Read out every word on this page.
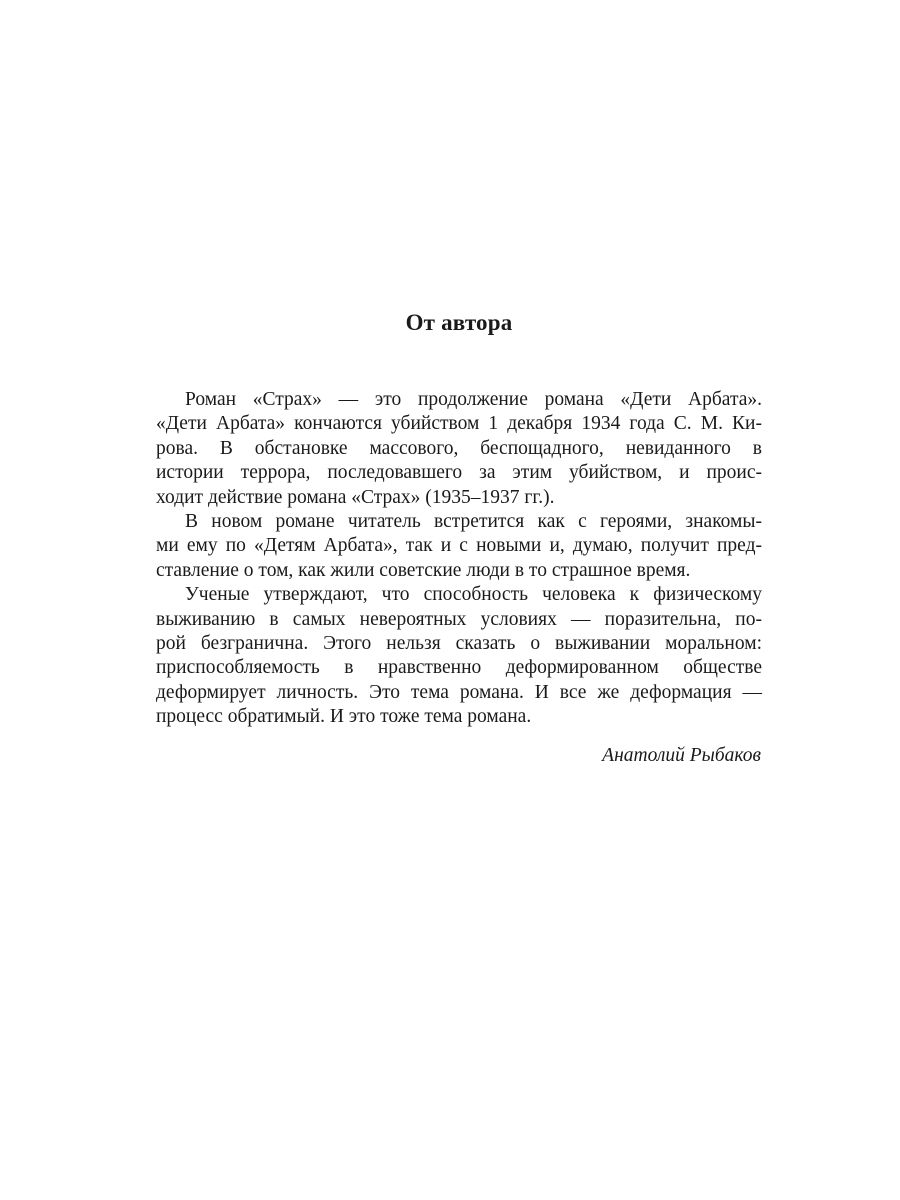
От автора

Роман «Страх» — это продолжение романа «Дети Арбата».
«Дети Арбата» кончаются убийством 1 декабря 1934 года С. М. Ки-
рова. В обстановке массового, беспощадного, невиданного в
истории террора, последовавшего за этим убийством, и проис-
ходит действие романа «Страх» (1935–1937 гг.).

В новом романе читатель встретится как с героями, знакомы-
ми ему по «Детям Арбата», так и с новыми и, думаю, получит пред-
ставление о том, как жили советские люди в то страшное время.

Ученые утверждают, что способность человека к физическому
выживанию в самых невероятных условиях — поразительна, по-
рой безгранична. Этого нельзя сказать о выживании моральном:
приспособляемость в нравственно деформированном обществе
деформирует личность. Это тема романа. И все же деформация —
процесс обратимый. И это тоже тема романа.

Анатолий Рыбаков
